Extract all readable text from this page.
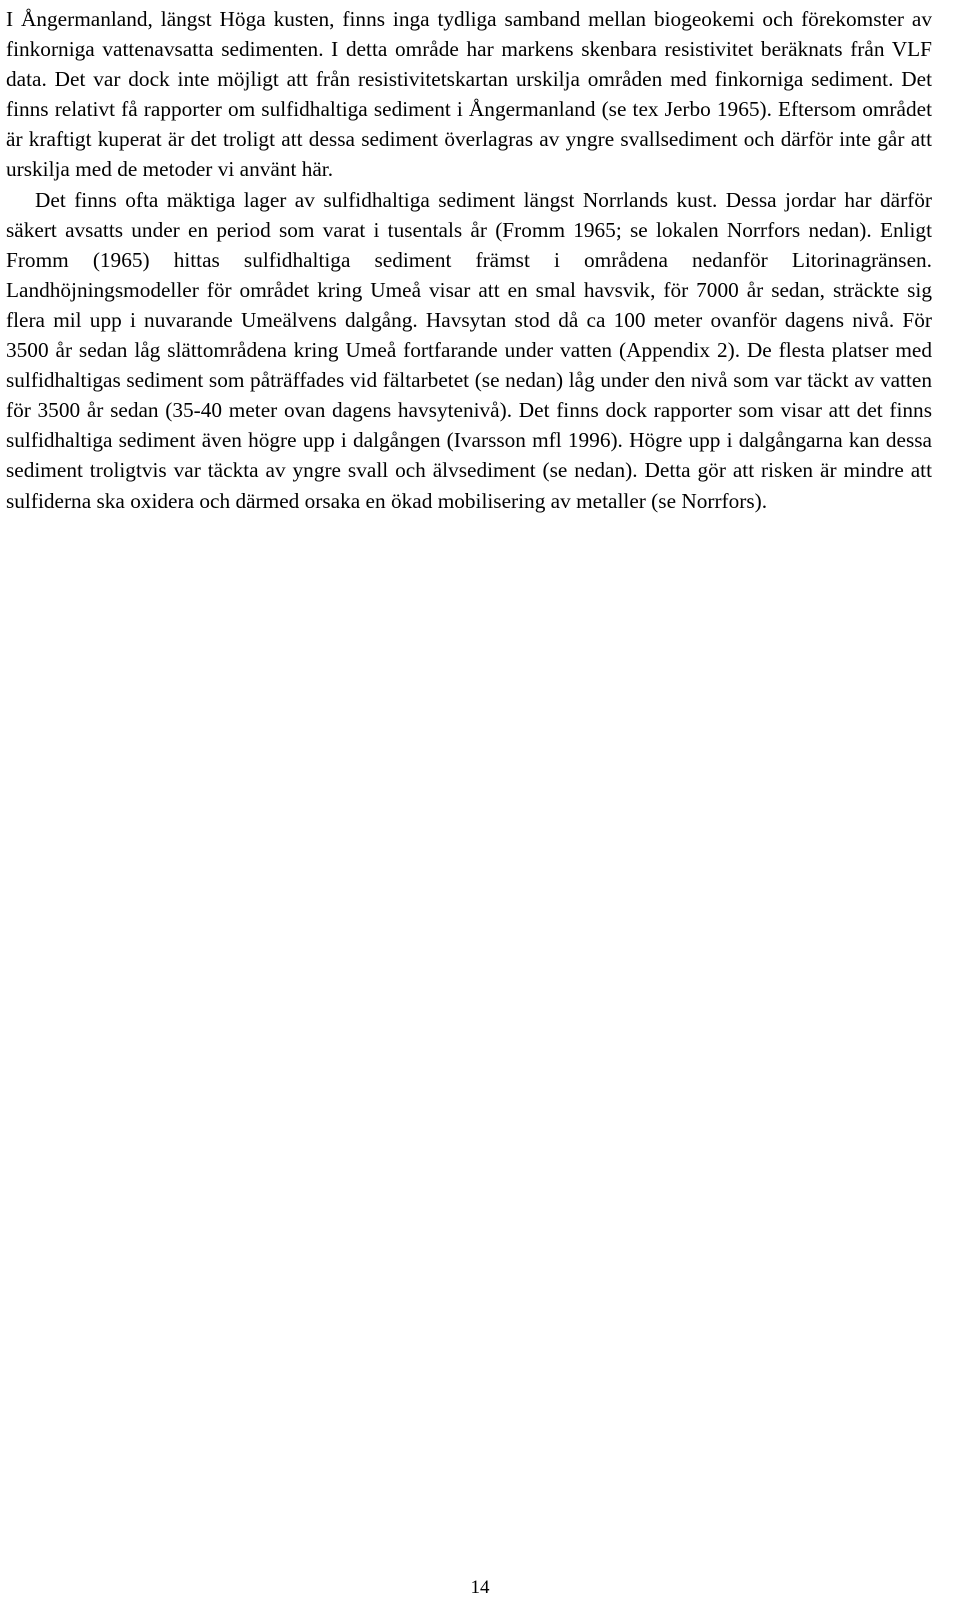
I Ångermanland, längst Höga kusten, finns inga tydliga samband mellan biogeokemi och förekomster av finkorniga vattenavsatta sedimenten. I detta område har markens skenbara resistivitet beräknats från VLF data. Det var dock inte möjligt att från resistivitetskartan urskilja områden med finkorniga sediment. Det finns relativt få rapporter om sulfidhaltiga sediment i Ångermanland (se tex Jerbo 1965). Eftersom området är kraftigt kuperat är det troligt att dessa sediment överlagras av yngre svallsediment och därför inte går att urskilja med de metoder vi använt här.

Det finns ofta mäktiga lager av sulfidhaltiga sediment längst Norrlands kust. Dessa jordar har därför säkert avsatts under en period som varat i tusentals år (Fromm 1965; se lokalen Norrfors nedan). Enligt Fromm (1965) hittas sulfidhaltiga sediment främst i områdena nedanför Litorinagränsen. Landhöjningsmodeller för området kring Umeå visar att en smal havsvik, för 7000 år sedan, sträckte sig flera mil upp i nuvarande Umeälvens dalgång. Havsytan stod då ca 100 meter ovanför dagens nivå. För 3500 år sedan låg slättområdena kring Umeå fortfarande under vatten (Appendix 2). De flesta platser med sulfidhaltigas sediment som påträffades vid fältarbetet (se nedan) låg under den nivå som var täckt av vatten för 3500 år sedan (35-40 meter ovan dagens havsytenivå). Det finns dock rapporter som visar att det finns sulfidhaltiga sediment även högre upp i dalgången (Ivarsson mfl 1996). Högre upp i dalgångarna kan dessa sediment troligtvis var täckta av yngre svall och älvsediment (se nedan). Detta gör att risken är mindre att sulfiderna ska oxidera och därmed orsaka en ökad mobilisering av metaller (se Norrfors).

14
